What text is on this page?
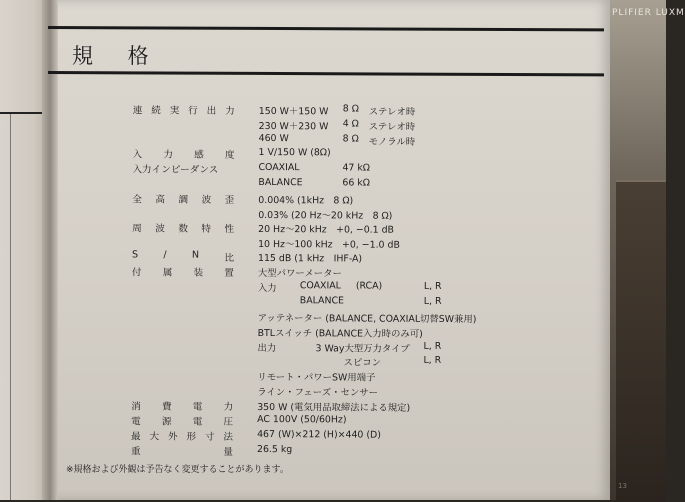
PLIFIER LUXM
規 格
連 続 実 行 出 力	150 W＋150 W 8 Ω ステレオ時
230 W＋230 W 4 Ω ステレオ時
460 W	8 Ω モノラル時
入 力 感 度	1 V/150 W (8Ω)
入力インピーダンス	COAXIAL	47 kΩ
BALANCE	66 kΩ
全 高 調 波 歪	0.004% (1kHz　8 Ω)
0.03% (20 Hz〜20 kHz　8 Ω)
周 波 数 特 性	20 Hz〜20 kHz　+0, −0.1 dB
10 Hz〜100 kHz　+0, −1.0 dB
S	/	N	比	115 dB (1 kHz　IHF-A)
付 属 装 置	大型パワーメーター
入力 COAXIAL (RCA)	L, R
BALANCE	L, R
アッテネーター (BALANCE, COAXIAL切替SW兼用)
BTLスイッチ (BALANCE入力時のみ可)
出力	3 Way大型万力タイプ L, R
スピコン	L, R
リモート・パワーSW用端子
ライン・フェーズ・センサー
消 費 電 力	350 W (電気用品取締法による規定)
電 源 電 圧	AC 100V (50/60Hz)
最 大 外 形 寸 法	467 (W)×212 (H)×440 (D)
重	量	26.5 kg
※規格および外観は予告なく変更することがあります。
13
